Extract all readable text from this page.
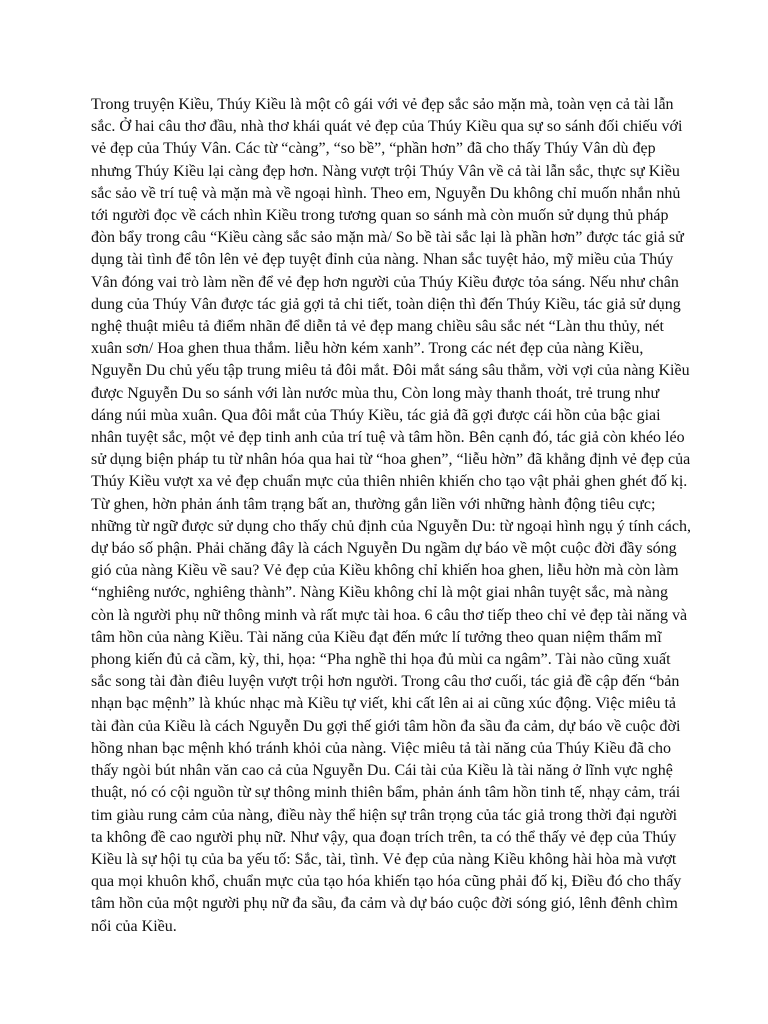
Trong truyện Kiều, Thúy Kiều là một cô gái với vẻ đẹp sắc sảo mặn mà, toàn vẹn cả tài lẫn sắc. Ở hai câu thơ đầu, nhà thơ khái quát vẻ đẹp của Thúy Kiều qua sự so sánh đối chiếu với vẻ đẹp của Thúy Vân. Các từ “càng”, “so bề”, “phần hơn” đã cho thấy Thúy Vân dù đẹp nhưng Thúy Kiều lại càng đẹp hơn. Nàng vượt trội Thúy Vân về cả tài lẫn sắc, thực sự Kiều sắc sảo về trí tuệ và mặn mà về ngoại hình. Theo em, Nguyễn Du không chỉ muốn nhắn nhủ tới người đọc về cách nhìn Kiều trong tương quan so sánh mà còn muốn sử dụng thủ pháp đòn bẩy trong câu “Kiều càng sắc sảo mặn mà/ So bề tài sắc lại là phần hơn” được tác giả sử dụng tài tình để tôn lên vẻ đẹp tuyệt đỉnh của nàng. Nhan sắc tuyệt hảo, mỹ miều của Thúy Vân đóng vai trò làm nền để vẻ đẹp hơn người của Thúy Kiều được tỏa sáng. Nếu như chân dung của Thúy Vân được tác giả gợi tả chi tiết, toàn diện thì đến Thúy Kiều, tác giả sử dụng nghệ thuật miêu tả điểm nhãn để diễn tả vẻ đẹp mang chiều sâu sắc nét “Làn thu thủy, nét xuân sơn/ Hoa ghen thua thắm. liễu hờn kém xanh”. Trong các nét đẹp của nàng Kiều, Nguyễn Du chủ yếu tập trung miêu tả đôi mắt. Đôi mắt sáng sâu thẳm, vời vợi của nàng Kiều được Nguyễn Du so sánh với làn nước mùa thu, Còn long mày thanh thoát, trẻ trung như dáng núi mùa xuân. Qua đôi mắt của Thúy Kiều, tác giả đã gợi được cái hồn của bậc giai nhân tuyệt sắc, một vẻ đẹp tinh anh của trí tuệ và tâm hồn. Bên cạnh đó, tác giả còn khéo léo sử dụng biện pháp tu từ nhân hóa qua hai từ “hoa ghen”, “liễu hờn” đã khẳng định vẻ đẹp của Thúy Kiều vượt xa vẻ đẹp chuẩn mực của thiên nhiên khiến cho tạo vật phải ghen ghét đố kị. Từ ghen, hờn phản ánh tâm trạng bất an, thường gắn liền với những hành động tiêu cực; những từ ngữ được sử dụng cho thấy chủ định của Nguyễn Du: từ ngoại hình ngụ ý tính cách, dự báo số phận. Phải chăng đây là cách Nguyễn Du ngầm dự báo về một cuộc đời đầy sóng gió của nàng Kiều về sau? Vẻ đẹp của Kiều không chỉ khiến hoa ghen, liễu hờn mà còn làm “nghiêng nước, nghiêng thành”. Nàng Kiều không chỉ là một giai nhân tuyệt sắc, mà nàng còn là người phụ nữ thông minh và rất mực tài hoa. 6 câu thơ tiếp theo chỉ vẻ đẹp tài năng và tâm hồn của nàng Kiều. Tài năng của Kiều đạt đến mức lí tưởng theo quan niệm thẩm mĩ phong kiến đủ cả cầm, kỳ, thi, họa: “Pha nghề thi họa đủ mùi ca ngâm”. Tài nào cũng xuất sắc song tài đàn điêu luyện vượt trội hơn người. Trong câu thơ cuối, tác giả đề cập đến “bản nhạn bạc mệnh” là khúc nhạc mà Kiều tự viết, khi cất lên ai ai cũng xúc động. Việc miêu tả tài đàn của Kiều là cách Nguyễn Du gợi thế giới tâm hồn đa sầu đa cảm, dự báo về cuộc đời hồng nhan bạc mệnh khó tránh khỏi của nàng. Việc miêu tả tài năng của Thúy Kiều đã cho thấy ngòi bút nhân văn cao cả của Nguyễn Du. Cái tài của Kiều là tài năng ở lĩnh vực nghệ thuật, nó có cội nguồn từ sự thông minh thiên bẩm, phản ánh tâm hồn tinh tế, nhạy cảm, trái tim giàu rung cảm của nàng, điều này thể hiện sự trân trọng của tác giả trong thời đại người ta không đề cao người phụ nữ. Như vậy, qua đoạn trích trên, ta có thể thấy vẻ đẹp của Thúy Kiều là sự hội tụ của ba yếu tố: Sắc, tài, tình. Vẻ đẹp của nàng Kiều không hài hòa mà vượt qua mọi khuôn khổ, chuẩn mực của tạo hóa khiến tạo hóa cũng phải đố kị, Điều đó cho thấy tâm hồn của một người phụ nữ đa sầu, đa cảm và dự báo cuộc đời sóng gió, lênh đênh chìm nổi của Kiều.
